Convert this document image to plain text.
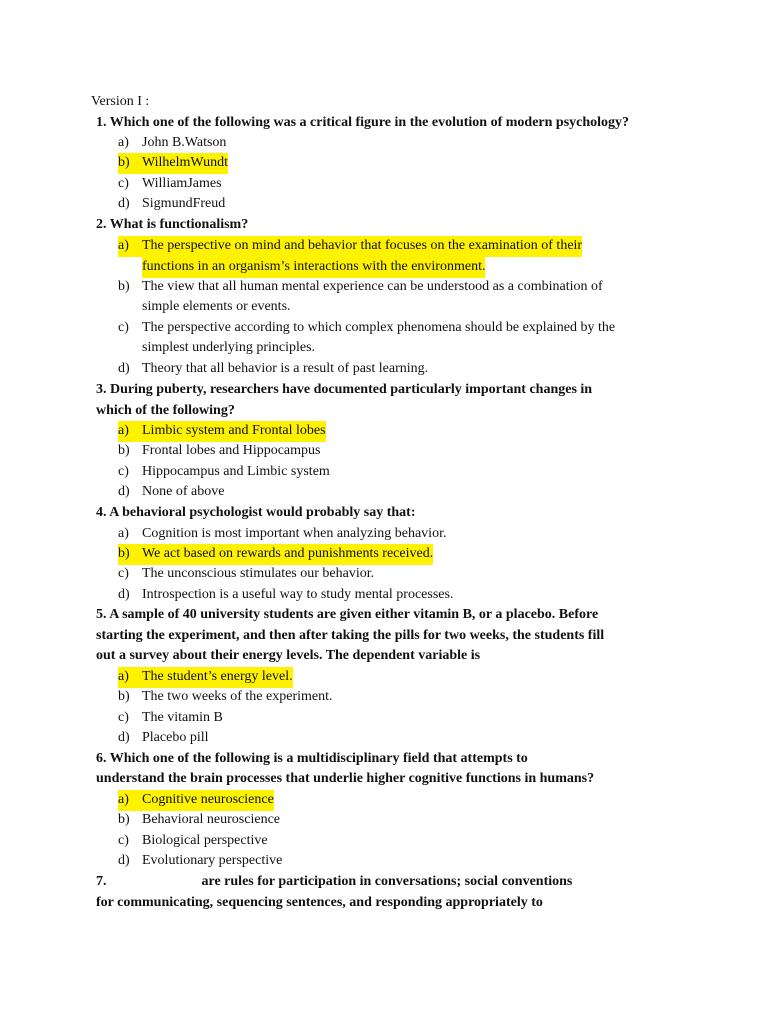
Version I :
1. Which one of the following was a critical figure in the evolution of modern psychology?
a) John B.Watson
b) WilhelmWundt
c) WilliamJames
d) SigmundFreud
2. What is functionalism?
a) The perspective on mind and behavior that focuses on the examination of their
functions in an organism’s interactions with the environment.
b) The view that all human mental experience can be understood as a combination of
simple elements or events.
c) The perspective according to which complex phenomena should be explained by the
simplest underlying principles.
d) Theory that all behavior is a result of past learning.
3. During puberty, researchers have documented particularly important changes in
which of the following?
a) Limbic system and Frontal lobes
b) Frontal lobes and Hippocampus
c) Hippocampus and Limbic system
d) None of above
4. A behavioral psychologist would probably say that:
a) Cognition is most important when analyzing behavior.
b) We act based on rewards and punishments received.
c) The unconscious stimulates our behavior.
d) Introspection is a useful way to study mental processes.
5. A sample of 40 university students are given either vitamin B, or a placebo. Before
starting the experiment, and then after taking the pills for two weeks, the students fill
out a survey about their energy levels. The dependent variable is
a) The student’s energy level.
b) The two weeks of the experiment.
c) The vitamin B
d) Placebo pill
6. Which one of the following is a multidisciplinary field that attempts to
understand the brain processes that underlie higher cognitive functions in humans?
a) Cognitive neuroscience
b) Behavioral neuroscience
c) Biological perspective
d) Evolutionary perspective
7.	are rules for participation in conversations; social conventions
for communicating, sequencing sentences, and responding appropriately to
